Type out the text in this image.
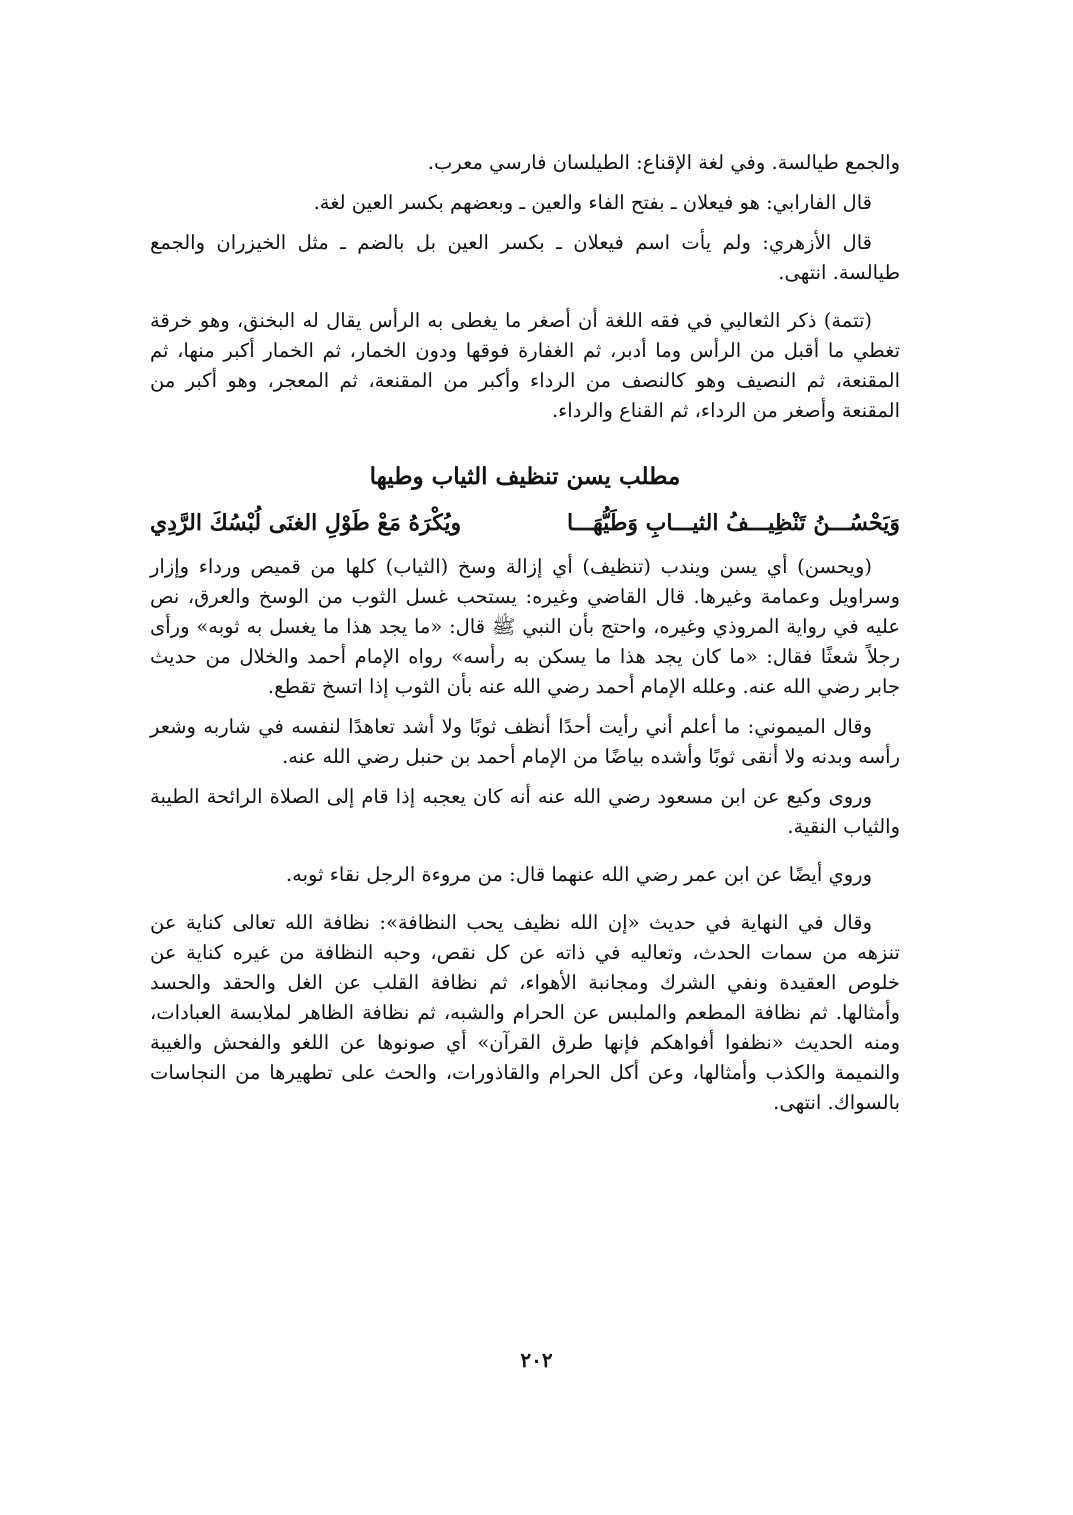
والجمع طيالسة. وفي لغة الإقناع: الطيلسان فارسي معرب.

قال الفارابي: هو فيعلان ـ بفتح الفاء والعين ـ وبعضهم بكسر العين لغة.

قال الأزهري: ولم يأت اسم فيعلان ـ بكسر العين بل بالضم ـ مثل الخيزران والجمع طيالسة. انتهى.

(تتمة) ذكر الثعالبي في فقه اللغة أن أصغر ما يغطى به الرأس يقال له البخنق، وهو خرقة تغطي ما أقبل من الرأس وما أدبر، ثم الغفارة فوقها ودون الخمار، ثم الخمار أكبر منها، ثم المقنعة، ثم النصيف وهو كالنصف من الرداء وأكبر من المقنعة، ثم المعجر، وهو أكبر من المقنعة وأصغر من الرداء، ثم القناع والرداء.

مطلب يسن تنظيف الثياب وطيها
وَيَحْسُـــنُ تَنْظِيـــفُ الثيـــابِ وَطَيُّهَـــا
ويُكْرَهُ مَعْ طَوْلِ الغنَى لُبْسُكَ الرَّدِي

(ويحسن) أي يسن ويندب (تنظيف) أي إزالة وسخ (الثياب) كلها من قميص ورداء وإزار وسراويل وعمامة وغيرها. قال القاضي وغيره: يستحب غسل الثوب من الوسخ والعرق، نص عليه في رواية المروذي وغيره، واحتج بأن النبي ﷺ قال: «ما يجد هذا ما يغسل به ثوبه» ورأى رجلاً شعثًا فقال: «ما كان يجد هذا ما يسكن به رأسه» رواه الإمام أحمد والخلال من حديث جابر رضي الله عنه. وعلله الإمام أحمد رضي الله عنه بأن الثوب إذا اتسخ تقطع.

وقال الميموني: ما أعلم أني رأيت أحدًا أنظف ثوبًا ولا أشد تعاهدًا لنفسه في شاربه وشعر رأسه وبدنه ولا أنقى ثوبًا وأشده بياضًا من الإمام أحمد بن حنبل رضي الله عنه.

وروى وكيع عن ابن مسعود رضي الله عنه أنه كان يعجبه إذا قام إلى الصلاة الرائحة الطيبة والثياب النقية.

وروي أيضًا عن ابن عمر رضي الله عنهما قال: من مروءة الرجل نقاء ثوبه.

وقال في النهاية في حديث «إن الله نظيف يحب النظافة»: نظافة الله تعالى كناية عن تنزهه من سمات الحدث، وتعاليه في ذاته عن كل نقص، وحبه النظافة من غيره كناية عن خلوص العقيدة ونفي الشرك ومجانبة الأهواء، ثم نظافة القلب عن الغل والحقد والحسد وأمثالها. ثم نظافة المطعم والملبس عن الحرام والشبه، ثم نظافة الظاهر لملابسة العبادات، ومنه الحديث «نظفوا أفواهكم فإنها طرق القرآن» أي صونوها عن اللغو والفحش والغيبة والنميمة والكذب وأمثالها، وعن أكل الحرام والقاذورات، والحث على تطهيرها من النجاسات بالسواك. انتهى.

٢٠٢
